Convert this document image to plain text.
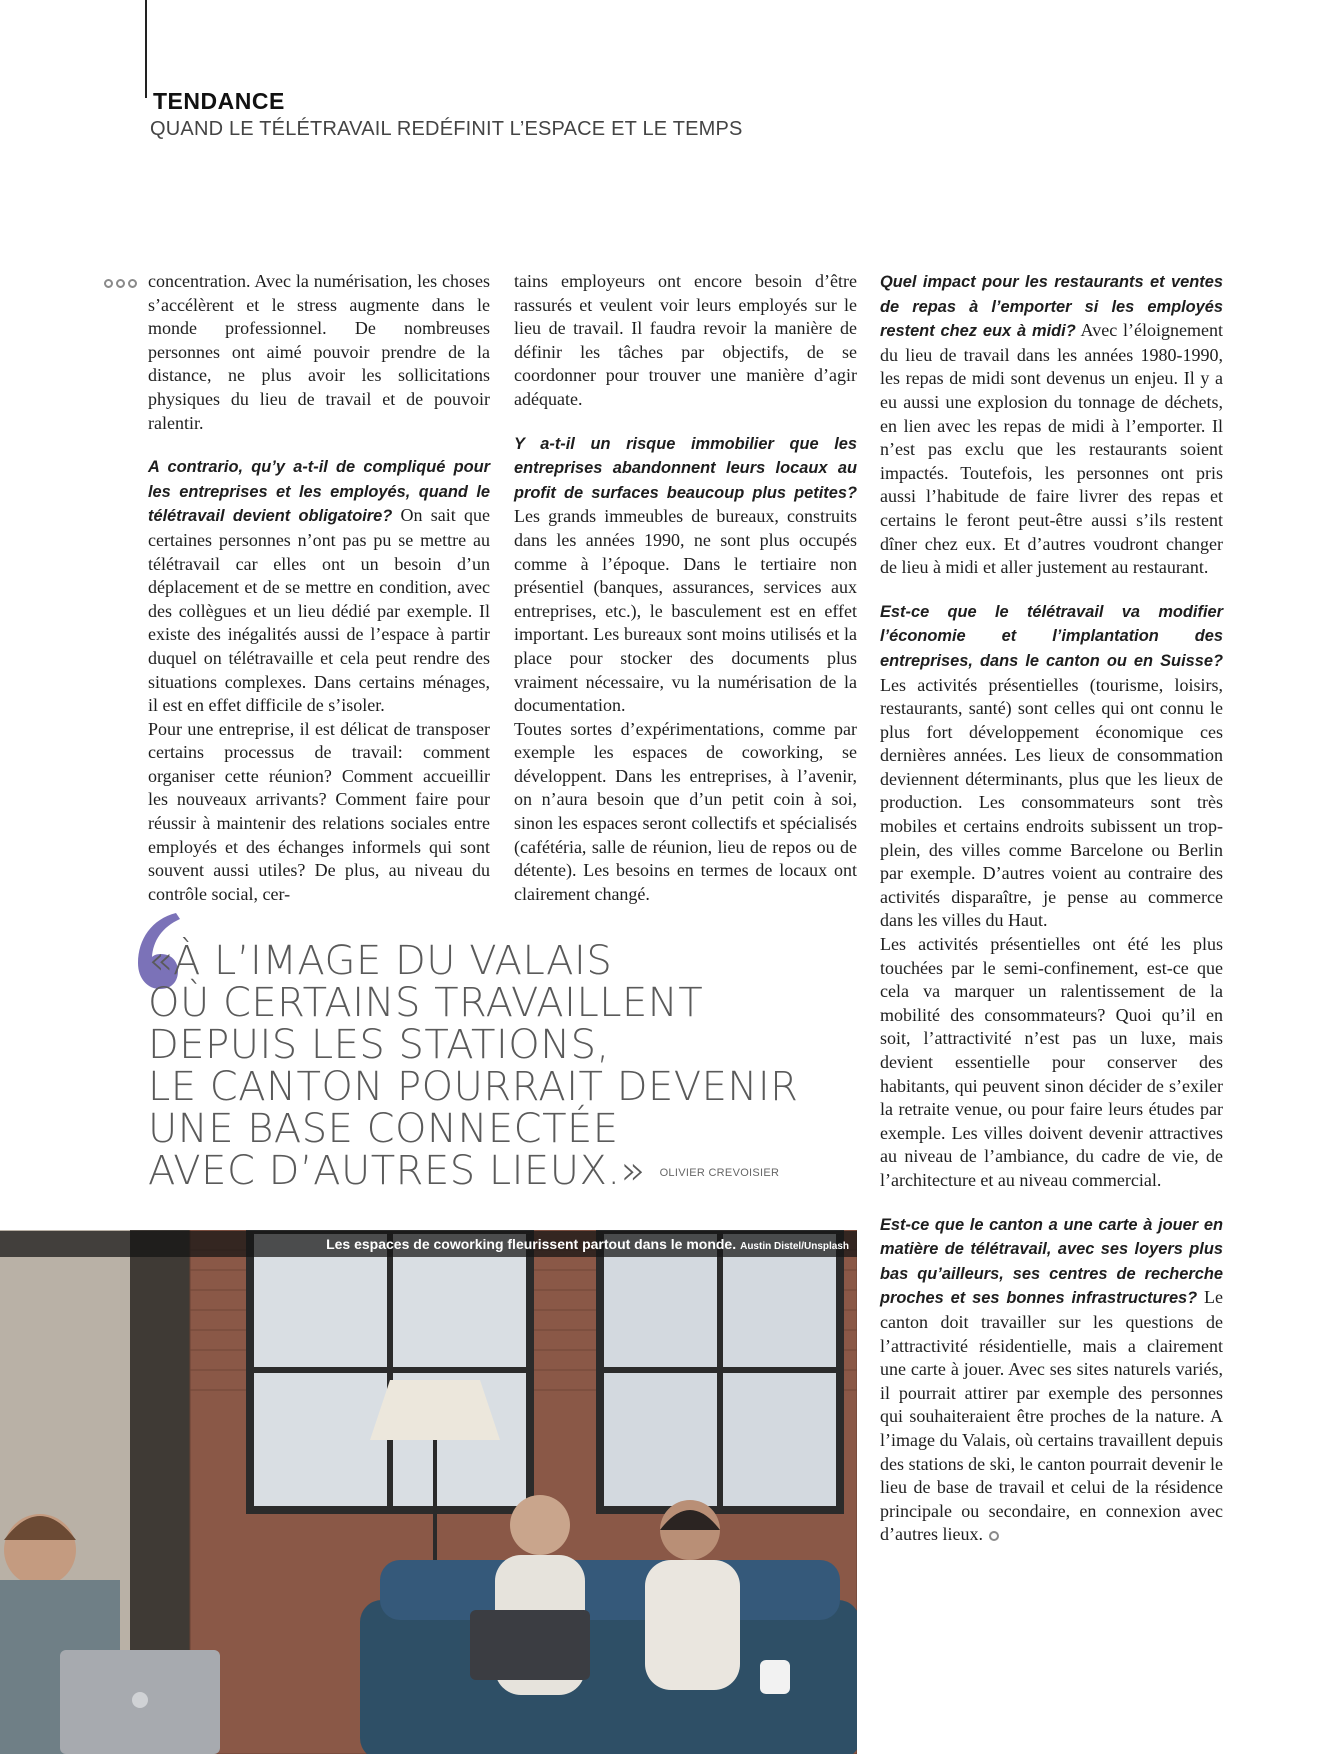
TENDANCE
QUAND LE TÉLÉTRAVAIL REDÉFINIT L’ESPACE ET LE TEMPS

concentration. Avec la numérisation, les choses s’accélèrent et le stress augmente dans le monde professionnel. De nombreuses personnes ont aimé pouvoir prendre de la distance, ne plus avoir les sollicitations physiques du lieu de travail et de pouvoir ralentir.

A contrario, qu’y a-t-il de compliqué pour les entreprises et les employés, quand le télétravail devient obligatoire? On sait que certaines personnes n’ont pas pu se mettre au télétravail car elles ont un besoin d’un déplacement et de se mettre en condition, avec des collègues et un lieu dédié par exemple. Il existe des inégalités aussi de l’espace à partir duquel on télétravaille et cela peut rendre des situations complexes. Dans certains ménages, il est en effet difficile de s’isoler.

Pour une entreprise, il est délicat de transposer certains processus de travail: comment organiser cette réunion? Comment accueillir les nouveaux arrivants? Comment faire pour réussir à maintenir des relations sociales entre employés et des échanges informels qui sont souvent aussi utiles? De plus, au niveau du contrôle social, cer-

tains employeurs ont encore besoin d’être rassurés et veulent voir leurs employés sur le lieu de travail. Il faudra revoir la manière de définir les tâches par objectifs, de se coordonner pour trouver une manière d’agir adéquate.

Y a-t-il un risque immobilier que les entreprises abandonnent leurs locaux au profit de surfaces beaucoup plus petites? Les grands immeubles de bureaux, construits dans les années 1990, ne sont plus occupés comme à l’époque. Dans le tertiaire non présentiel (banques, assurances, services aux entreprises, etc.), le basculement est en effet important. Les bureaux sont moins utilisés et la place pour stocker des documents plus vraiment nécessaire, vu la numérisation de la documentation.

Toutes sortes d’expérimentations, comme par exemple les espaces de coworking, se développent. Dans les entreprises, à l’avenir, on n’aura besoin que d’un petit coin à soi, sinon les espaces seront collectifs et spécialisés (cafétéria, salle de réunion, lieu de repos ou de détente). Les besoins en termes de locaux ont clairement changé.

Quel impact pour les restaurants et ventes de repas à l’emporter si les employés restent chez eux à midi? Avec l’éloignement du lieu de travail dans les années 1980-1990, les repas de midi sont devenus un enjeu. Il y a eu aussi une explosion du tonnage de déchets, en lien avec les repas de midi à l’emporter. Il n’est pas exclu que les restaurants soient impactés. Toutefois, les personnes ont pris aussi l’habitude de faire livrer des repas et certains le feront peut-être aussi s’ils restent dîner chez eux. Et d’autres voudront changer de lieu à midi et aller justement au restaurant.

Est-ce que le télétravail va modifier l’économie et l’implantation des entreprises, dans le canton ou en Suisse? Les activités présentielles (tourisme, loisirs, restaurants, santé) sont celles qui ont connu le plus fort développement économique ces dernières années. Les lieux de consommation deviennent déterminants, plus que les lieux de production. Les consommateurs sont très mobiles et certains endroits subissent un trop-plein, des villes comme Barcelone ou Berlin par exemple. D’autres voient au contraire des activités disparaître, je pense au commerce dans les villes du Haut.

Les activités présentielles ont été les plus touchées par le semi-confinement, est-ce que cela va marquer un ralentissement de la mobilité des consommateurs? Quoi qu’il en soit, l’attractivité n’est pas un luxe, mais devient essentielle pour conserver des habitants, qui peuvent sinon décider de s’exiler la retraite venue, ou pour faire leurs études par exemple. Les villes doivent devenir attractives au niveau de l’ambiance, du cadre de vie, de l’architecture et au niveau commercial.

Est-ce que le canton a une carte à jouer en matière de télétravail, avec ses loyers plus bas qu’ailleurs, ses centres de recherche proches et ses bonnes infrastructures? Le canton doit travailler sur les questions de l’attractivité résidentielle, mais a clairement une carte à jouer. Avec ses sites naturels variés, il pourrait attirer par exemple des personnes qui souhaiteraient être proches de la nature. A l’image du Valais, où certains travaillent depuis des stations de ski, le canton pourrait devenir le lieu de base de travail et celui de la résidence principale ou secondaire, en connexion avec d’autres lieux.

«À L’IMAGE DU VALAIS
OÙ CERTAINS TRAVAILLENT
DEPUIS LES STATIONS,
LE CANTON POURRAIT DEVENIR
UNE BASE CONNECTÉE
AVEC D’AUTRES LIEUX.» OLIVIER CREVOISIER
Les espaces de coworking fleurissent partout dans le monde. Austin Distel/Unsplash
